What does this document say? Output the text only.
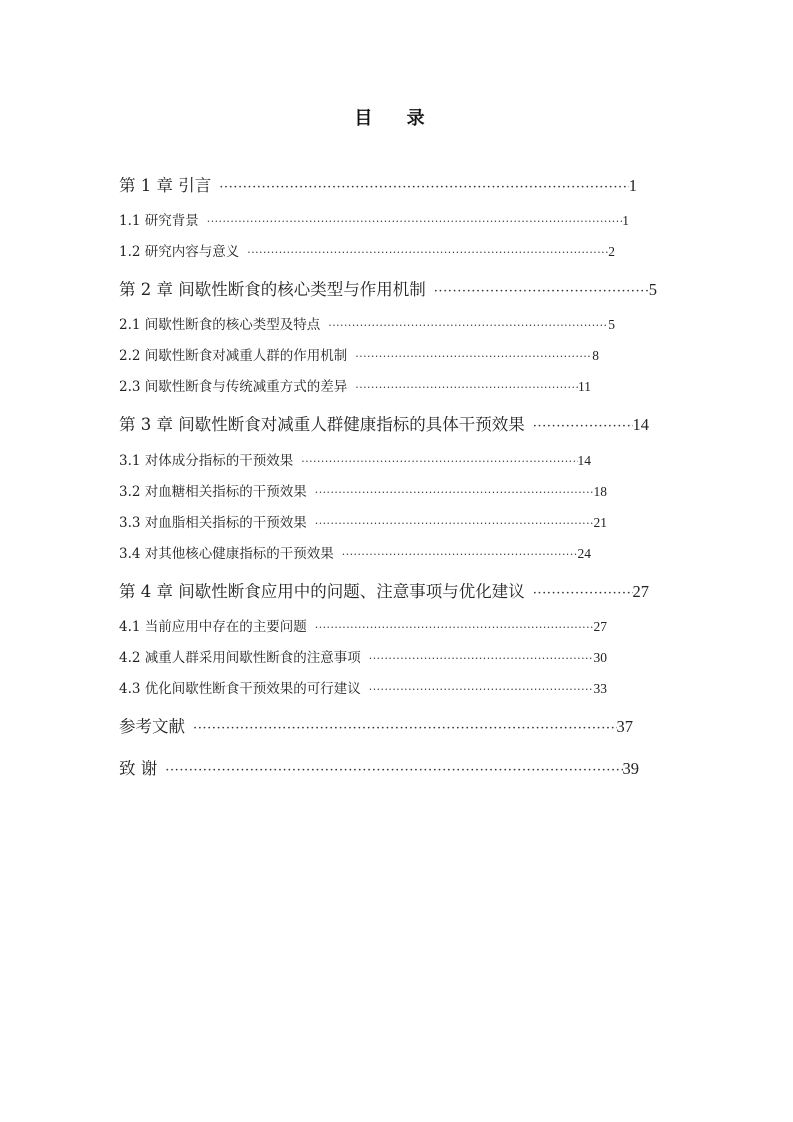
目 录
第 1 章 引言 ·····	1
1.1 研究背景 ·····	1
1.2 研究内容与意义 ·····	2
第 2 章 间歇性断食的核心类型与作用机制 ·····	5
2.1 间歇性断食的核心类型及特点 ·····	5
2.2 间歇性断食对减重人群的作用机制 ·····	8
2.3 间歇性断食与传统减重方式的差异 ·····	11
第 3 章 间歇性断食对减重人群健康指标的具体干预效果 ·····	14
3.1 对体成分指标的干预效果 ·····	14
3.2 对血糖相关指标的干预效果 ·····	18
3.3 对血脂相关指标的干预效果 ·····	21
3.4 对其他核心健康指标的干预效果 ·····	24
第 4 章 间歇性断食应用中的问题、注意事项与优化建议 ·····	27
4.1 当前应用中存在的主要问题 ·····	27
4.2 减重人群采用间歇性断食的注意事项 ·····	30
4.3 优化间歇性断食干预效果的可行建议 ·····	33
参考文献 ·····	37
致 谢 ·····	39
